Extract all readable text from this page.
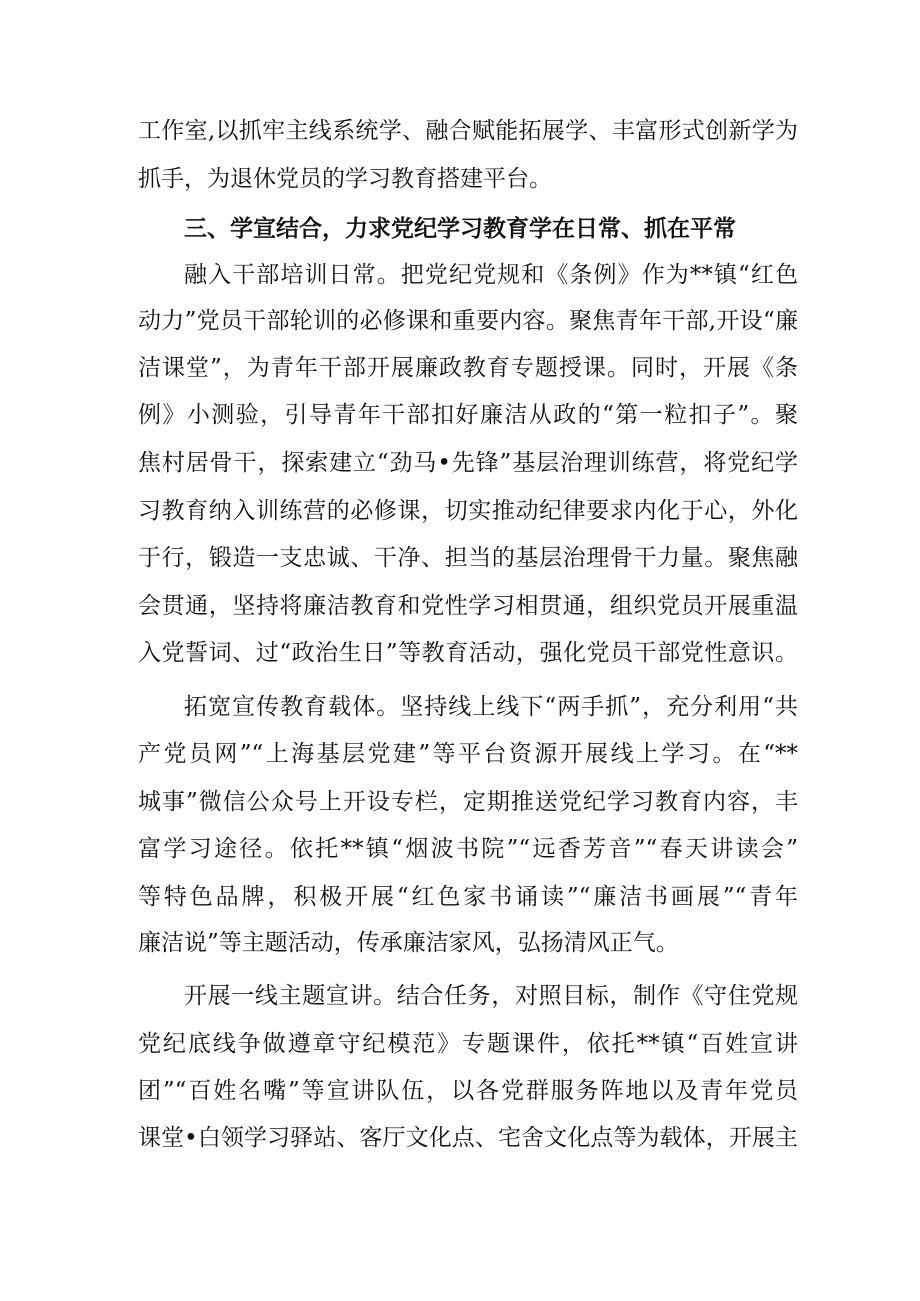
工作室,以抓牢主线系统学、融合赋能拓展学、丰富形式创新学为
抓手，为退休党员的学习教育搭建平台。
三、学宣结合，力求党纪学习教育学在日常、抓在平常
融入干部培训日常。把党纪党规和《条例》作为**镇“红色
动力”党员干部轮训的必修课和重要内容。聚焦青年干部,开设“廉
洁课堂”，为青年干部开展廉政教育专题授课。同时，开展《条
例》小测验，引导青年干部扣好廉洁从政的“第一粒扣子”。聚
焦村居骨干，探索建立“劲马•先锋”基层治理训练营，将党纪学
习教育纳入训练营的必修课，切实推动纪律要求内化于心，外化
于行，锻造一支忠诚、干净、担当的基层治理骨干力量。聚焦融
会贯通，坚持将廉洁教育和党性学习相贯通，组织党员开展重温
入党誓词、过“政治生日”等教育活动，强化党员干部党性意识。
拓宽宣传教育载体。坚持线上线下“两手抓”，充分利用“共
产党员网”“上海基层党建”等平台资源开展线上学习。在“**
城事”微信公众号上开设专栏，定期推送党纪学习教育内容，丰
富学习途径。依托**镇“烟波书院”“远香芳音”“春天讲读会”
等特色品牌，积极开展“红色家书诵读”“廉洁书画展”“青年
廉洁说”等主题活动，传承廉洁家风，弘扬清风正气。
开展一线主题宣讲。结合任务，对照目标，制作《守住党规
党纪底线争做遵章守纪模范》专题课件，依托**镇“百姓宣讲
团”“百姓名嘴”等宣讲队伍，以各党群服务阵地以及青年党员
课堂•白领学习驿站、客厅文化点、宅舍文化点等为载体，开展主
